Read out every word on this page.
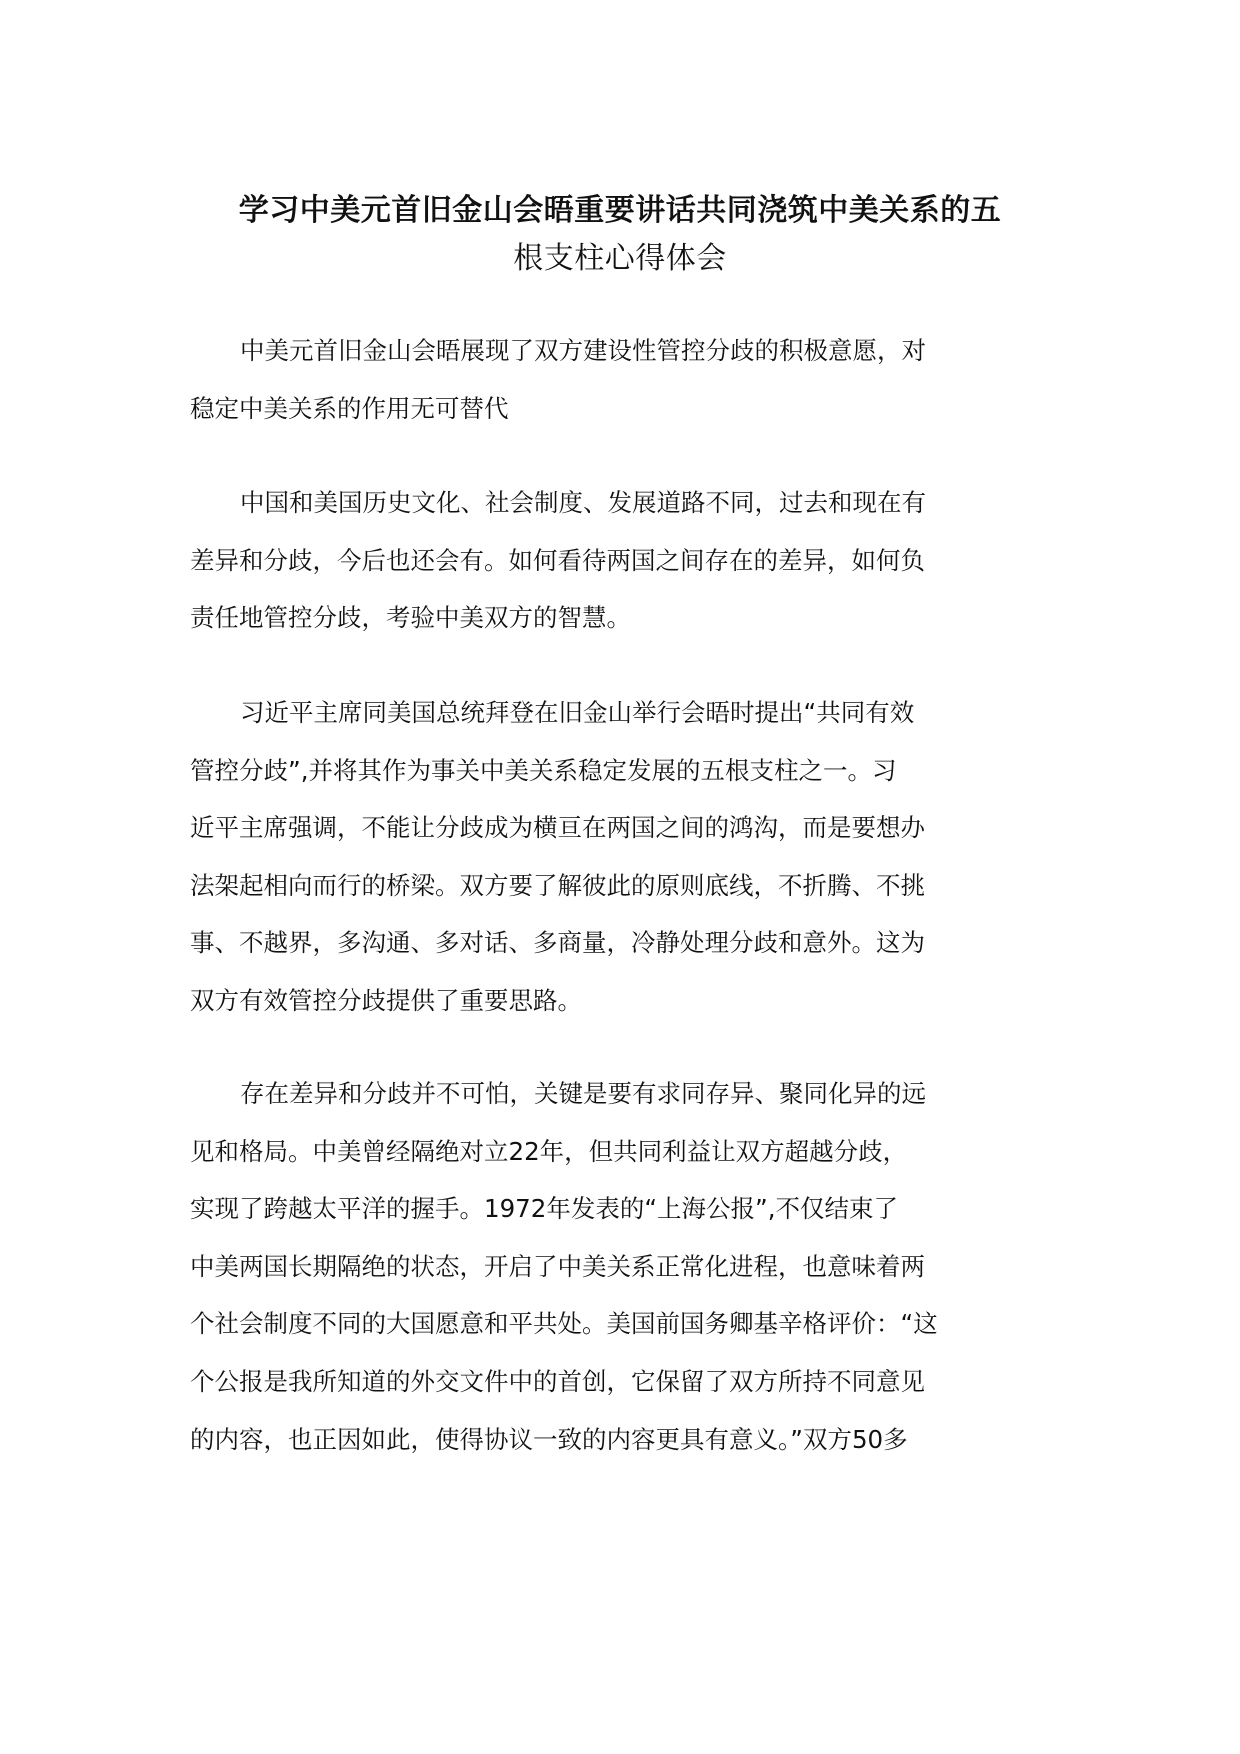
学习中美元首旧金山会晤重要讲话共同浇筑中美关系的五
根支柱心得体会
中美元首旧金山会晤展现了双方建设性管控分歧的积极意愿，对
稳定中美关系的作用无可替代
中国和美国历史文化、社会制度、发展道路不同，过去和现在有
差异和分歧，今后也还会有。如何看待两国之间存在的差异，如何负
责任地管控分歧，考验中美双方的智慧。
习近平主席同美国总统拜登在旧金山举行会晤时提出“共同有效
管控分歧”,并将其作为事关中美关系稳定发展的五根支柱之一。习
近平主席强调，不能让分歧成为横亘在两国之间的鸿沟，而是要想办
法架起相向而行的桥梁。双方要了解彼此的原则底线，不折腾、不挑
事、不越界，多沟通、多对话、多商量，冷静处理分歧和意外。这为
双方有效管控分歧提供了重要思路。
存在差异和分歧并不可怕，关键是要有求同存异、聚同化异的远
见和格局。中美曾经隔绝对立22年，但共同利益让双方超越分歧，
实现了跨越太平洋的握手。1972年发表的“上海公报”,不仅结束了
中美两国长期隔绝的状态，开启了中美关系正常化进程，也意味着两
个社会制度不同的大国愿意和平共处。美国前国务卿基辛格评价：“这
个公报是我所知道的外交文件中的首创，它保留了双方所持不同意见
的内容，也正因如此，使得协议一致的内容更具有意义。”双方50多
